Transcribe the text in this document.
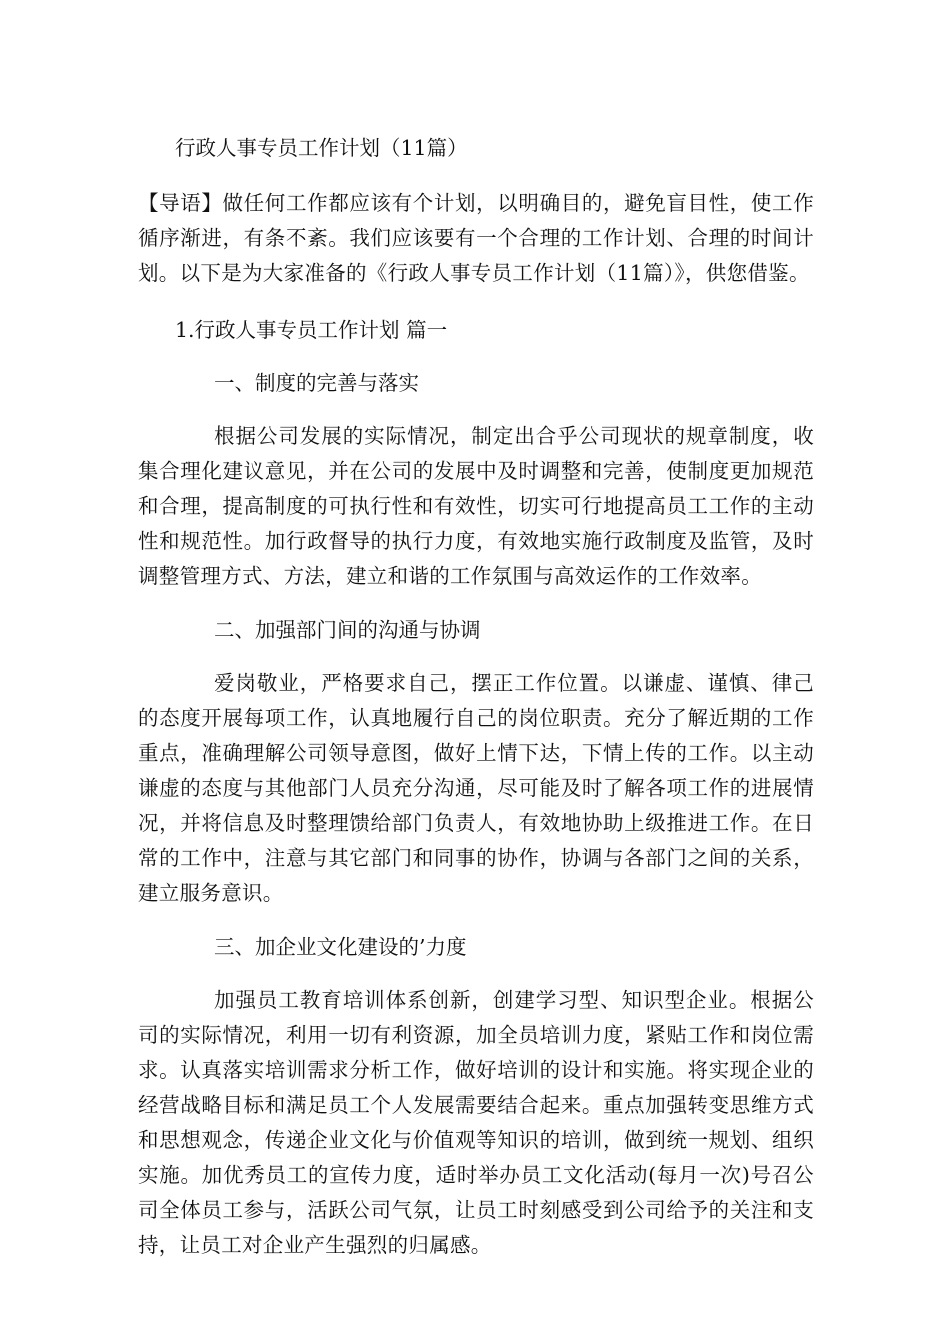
行政人事专员工作计划（11篇）

【导语】做任何工作都应该有个计划，以明确目的，避免盲目性，使工作循序渐进，有条不紊。我们应该要有一个合理的工作计划、合理的时间计划。以下是为大家准备的《行政人事专员工作计划（11篇）》，供您借鉴。

1.行政人事专员工作计划 篇一

一、制度的完善与落实

根据公司发展的实际情况，制定出合乎公司现状的规章制度，收集合理化建议意见，并在公司的发展中及时调整和完善，使制度更加规范和合理，提高制度的可执行性和有效性，切实可行地提高员工工作的主动性和规范性。加行政督导的执行力度，有效地实施行政制度及监管，及时调整管理方式、方法，建立和谐的工作氛围与高效运作的工作效率。

二、加强部门间的沟通与协调

爱岗敬业，严格要求自己，摆正工作位置。以谦虚、谨慎、律己的态度开展每项工作，认真地履行自己的岗位职责。充分了解近期的工作重点，准确理解公司领导意图，做好上情下达，下情上传的工作。以主动谦虚的态度与其他部门人员充分沟通，尽可能及时了解各项工作的进展情况，并将信息及时整理馈给部门负责人，有效地协助上级推进工作。在日常的工作中，注意与其它部门和同事的协作，协调与各部门之间的关系，建立服务意识。

三、加企业文化建设的’力度

加强员工教育培训体系创新，创建学习型、知识型企业。根据公司的实际情况，利用一切有利资源，加全员培训力度，紧贴工作和岗位需求。认真落实培训需求分析工作，做好培训的设计和实施。将实现企业的经营战略目标和满足员工个人发展需要结合起来。重点加强转变思维方式和思想观念，传递企业文化与价值观等知识的培训，做到统一规划、组织实施。加优秀员工的宣传力度，适时举办员工文化活动(每月一次)号召公司全体员工参与，活跃公司气氛，让员工时刻感受到公司给予的关注和支持，让员工对企业产生强烈的归属感。
